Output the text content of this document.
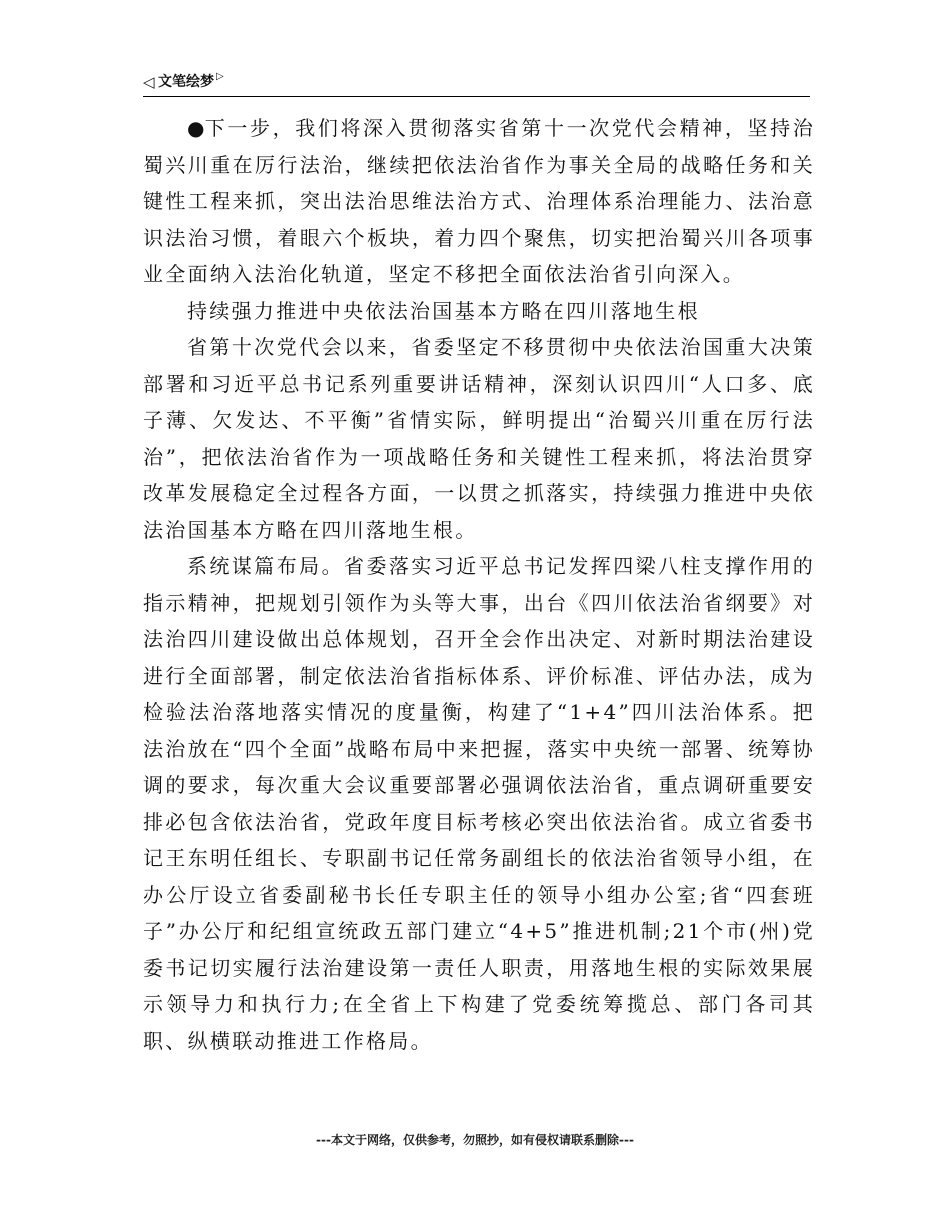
◁ 文笔绘梦 ▷

●下一步，我们将深入贯彻落实省第十一次党代会精神，坚持治蜀兴川重在厉行法治，继续把依法治省作为事关全局的战略任务和关键性工程来抓，突出法治思维法治方式、治理体系治理能力、法治意识法治习惯，着眼六个板块，着力四个聚焦，切实把治蜀兴川各项事业全面纳入法治化轨道，坚定不移把全面依法治省引向深入。

持续强力推进中央依法治国基本方略在四川落地生根

省第十次党代会以来，省委坚定不移贯彻中央依法治国重大决策部署和习近平总书记系列重要讲话精神，深刻认识四川“人口多、底子薄、欠发达、不平衡”省情实际，鲜明提出“治蜀兴川重在厉行法治”，把依法治省作为一项战略任务和关键性工程来抓，将法治贯穿改革发展稳定全过程各方面，一以贯之抓落实，持续强力推进中央依法治国基本方略在四川落地生根。

系统谋篇布局。省委落实习近平总书记发挥四梁八柱支撑作用的指示精神，把规划引领作为头等大事，出台《四川依法治省纲要》对法治四川建设做出总体规划，召开全会作出决定、对新时期法治建设进行全面部署，制定依法治省指标体系、评价标准、评估办法，成为检验法治落地落实情况的度量衡，构建了“1+4”四川法治体系。把法治放在“四个全面”战略布局中来把握，落实中央统一部署、统筹协调的要求，每次重大会议重要部署必强调依法治省，重点调研重要安排必包含依法治省，党政年度目标考核必突出依法治省。成立省委书记王东明任组长、专职副书记任常务副组长的依法治省领导小组，在办公厅设立省委副秘书长任专职主任的领导小组办公室;省“四套班子”办公厅和纪组宣统政五部门建立“4+5”推进机制;21个市(州)党委书记切实履行法治建设第一责任人职责，用落地生根的实际效果展示领导力和执行力;在全省上下构建了党委统筹揽总、部门各司其职、纵横联动推进工作格局。

---本文于网络，仅供参考，勿照抄，如有侵权请联系删除---
